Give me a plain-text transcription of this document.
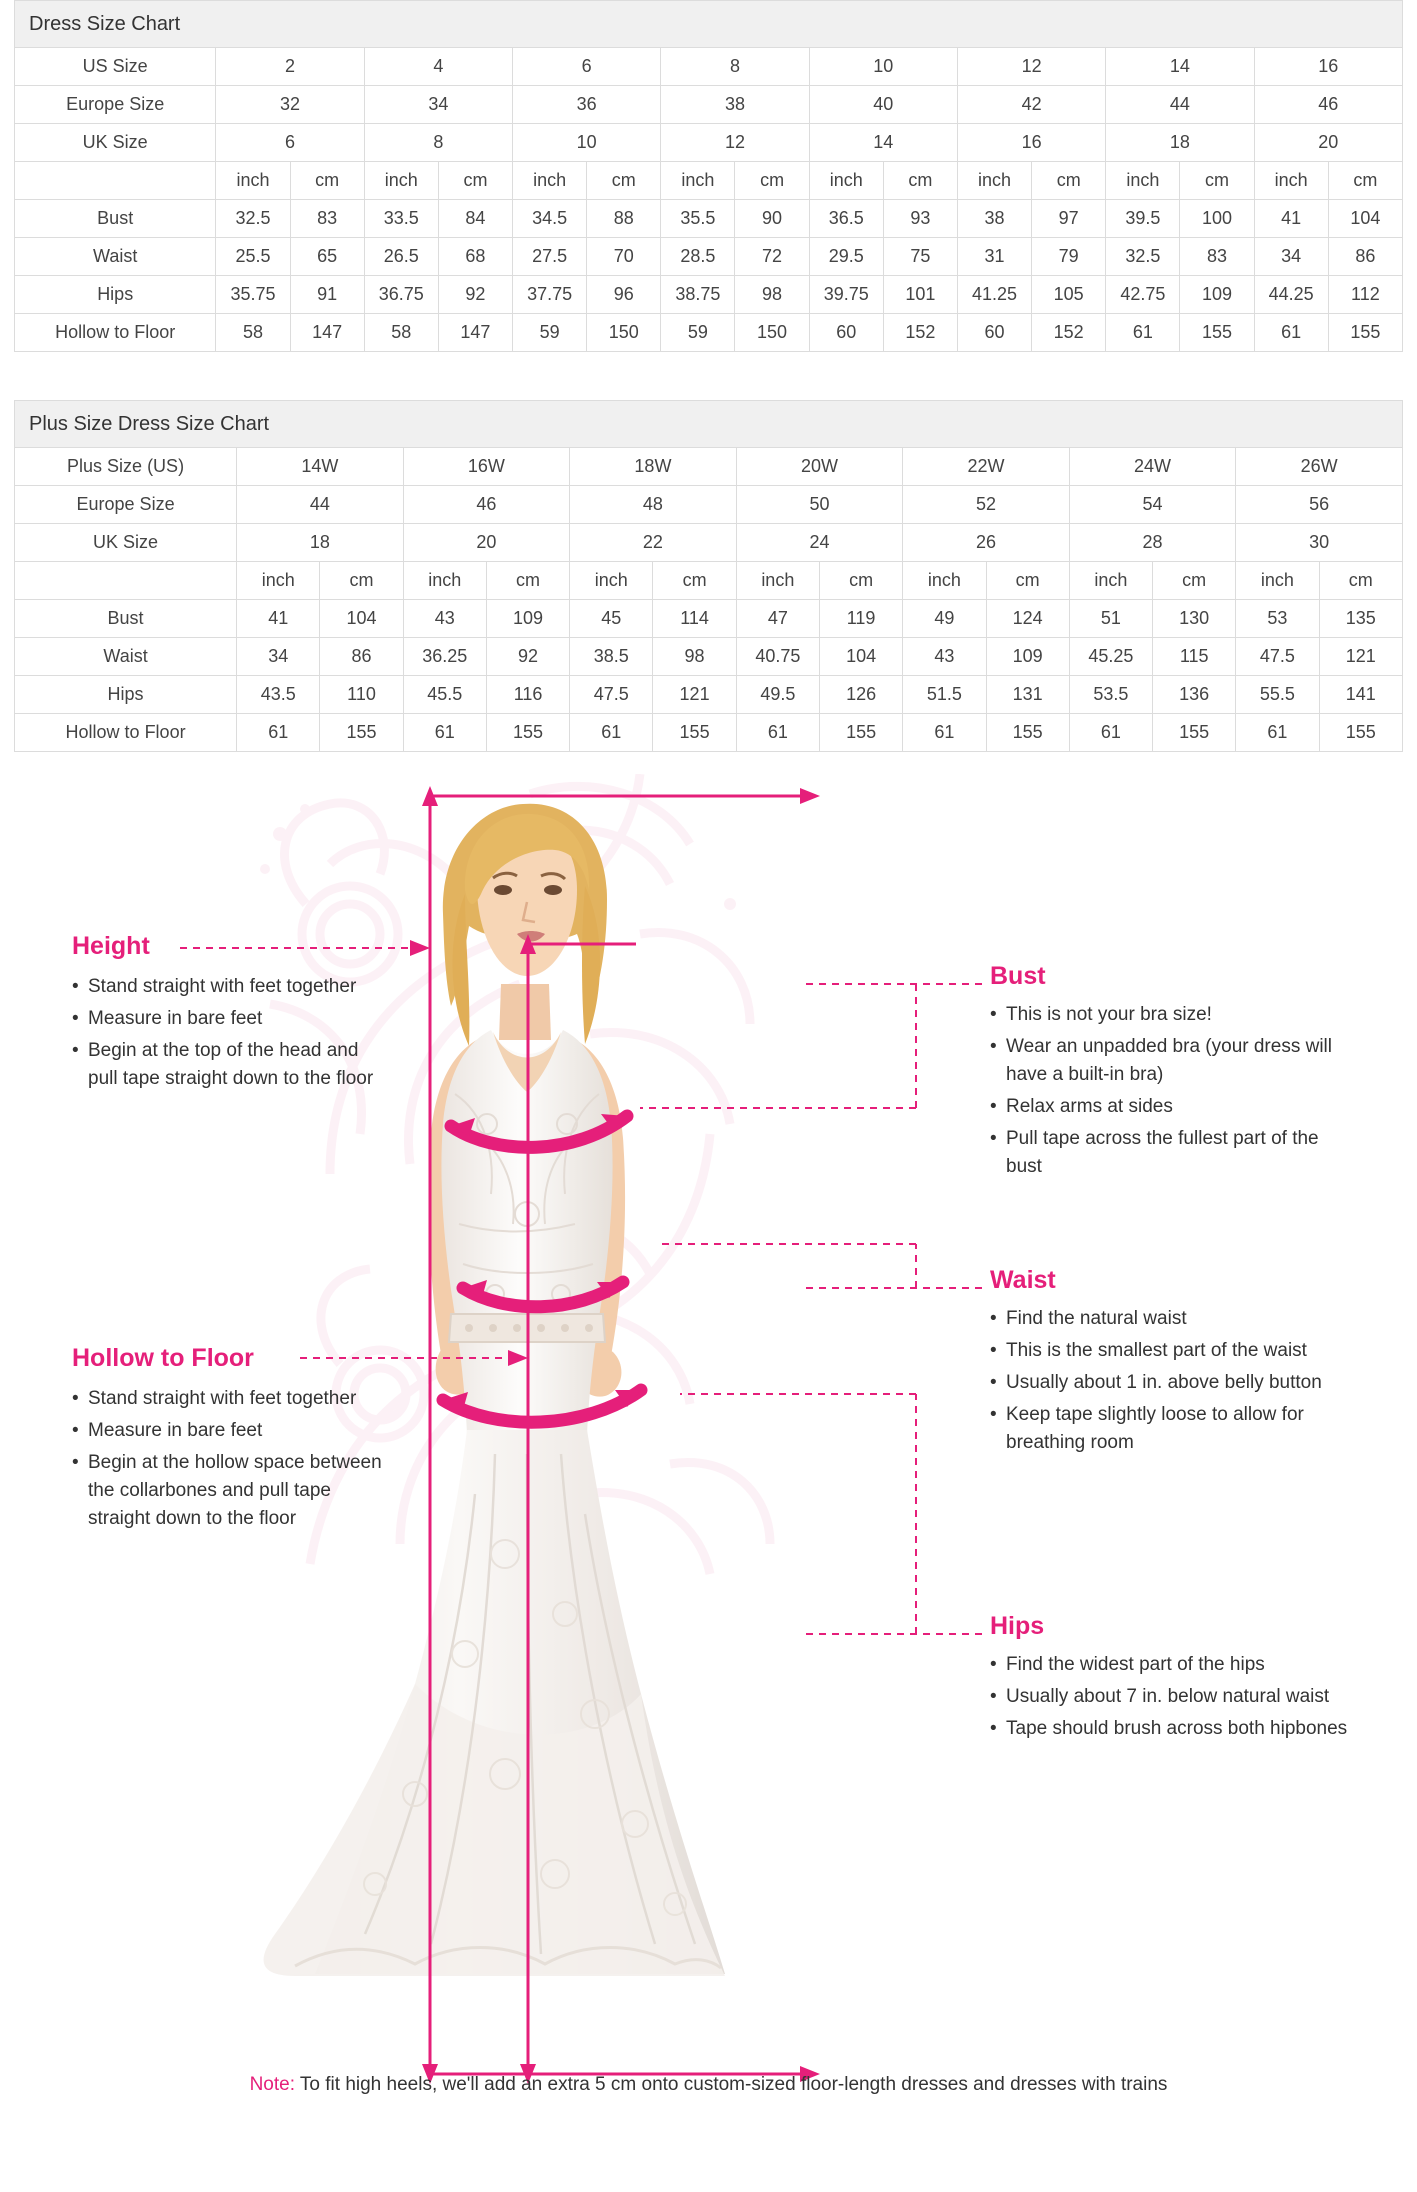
Dress Size Chart
US Size	2		4		6		8		10		12		14		16	
Europe Size	32		34		36		38		40		42		44		46	
UK Size	6		8		10		12		14		16		18		20	
	inch	cm	inch	cm	inch	cm	inch	cm	inch	cm	inch	cm	inch	cm	inch	cm
Bust	32.5	83	33.5	84	34.5	88	35.5	90	36.5	93	38	97	39.5	100	41	104
Waist	25.5	65	26.5	68	27.5	70	28.5	72	29.5	75	31	79	32.5	83	34	86
Hips	35.75	91	36.75	92	37.75	96	38.75	98	39.75	101	41.25	105	42.75	109	44.25	112
Hollow to Floor	58	147	58	147	59	150	59	150	60	152	60	152	61	155	61	155
Plus Size Dress Size Chart
Plus Size (US)	14W		16W		18W		20W		22W		24W		26W	
Europe Size	44		46		48		50		52		54		56	
UK Size	18		20		22		24		26		28		30	
	inch	cm	inch	cm	inch	cm	inch	cm	inch	cm	inch	cm	inch	cm
Bust	41	104	43	109	45	114	47	119	49	124	51	130	53	135
Waist	34	86	36.25	92	38.5	98	40.75	104	43	109	45.25	115	47.5	121
Hips	43.5	110	45.5	116	47.5	121	49.5	126	51.5	131	53.5	136	55.5	141
Hollow to Floor	61	155	61	155	61	155	61	155	61	155	61	155	61	155
Height
• Stand straight with feet together
• Measure in bare feet
• Begin at the top of the head and pull tape straight down to the floor
Hollow to Floor
• Stand straight with feet together
• Measure in bare feet
• Begin at the hollow space between the collarbones and pull tape straight down to the floor
Bust
• This is not your bra size!
• Wear an unpadded bra (your dress will have a built-in bra)
• Relax arms at sides
• Pull tape across the fullest part of the bust
Waist
• Find the natural waist
• This is the smallest part of the waist
• Usually about 1 in. above belly button
• Keep tape slightly loose to allow for breathing room
Hips
• Find the widest part of the hips
• Usually about 7 in. below natural waist
• Tape should brush across both hipbones
Note: To fit high heels, we'll add an extra 5 cm onto custom-sized floor-length dresses and dresses with trains
